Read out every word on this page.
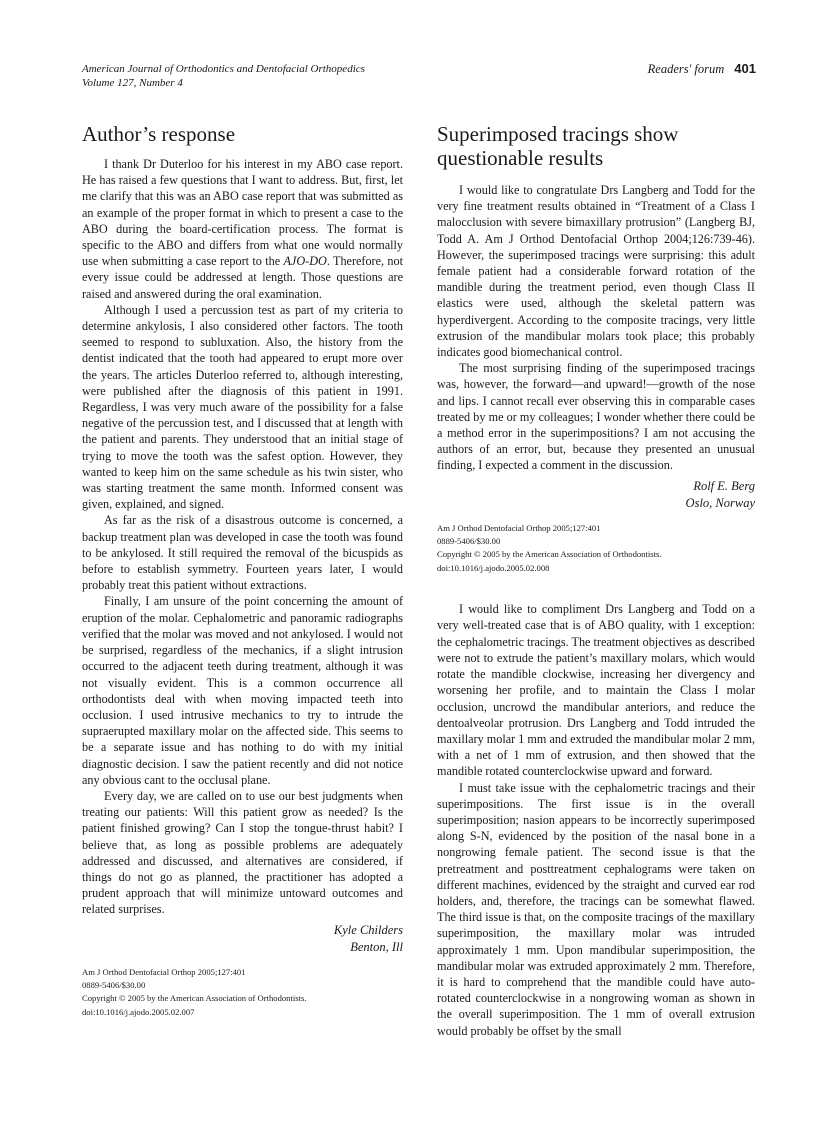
American Journal of Orthodontics and Dentofacial Orthopedics
Volume 127, Number 4
Readers' forum 401
Author’s response

I thank Dr Duterloo for his interest in my ABO case report. He has raised a few questions that I want to address. But, first, let me clarify that this was an ABO case report that was submitted as an example of the proper format in which to present a case to the ABO during the board-certification process. The format is specific to the ABO and differs from what one would normally use when submitting a case report to the AJO-DO. Therefore, not every issue could be addressed at length. Those questions are raised and answered during the oral examination.

Although I used a percussion test as part of my criteria to determine ankylosis, I also considered other factors. The tooth seemed to respond to subluxation. Also, the history from the dentist indicated that the tooth had appeared to erupt more over the years. The articles Duterloo referred to, although interesting, were published after the diagnosis of this patient in 1991. Regardless, I was very much aware of the possibility for a false negative of the percussion test, and I discussed that at length with the patient and parents. They understood that an initial stage of trying to move the tooth was the safest option. However, they wanted to keep him on the same schedule as his twin sister, who was starting treatment the same month. Informed consent was given, explained, and signed.

As far as the risk of a disastrous outcome is concerned, a backup treatment plan was developed in case the tooth was found to be ankylosed. It still required the removal of the bicuspids as before to establish symmetry. Fourteen years later, I would probably treat this patient without extractions.

Finally, I am unsure of the point concerning the amount of eruption of the molar. Cephalometric and panoramic radiographs verified that the molar was moved and not ankylosed. I would not be surprised, regardless of the mechanics, if a slight intrusion occurred to the adjacent teeth during treatment, although it was not visually evident. This is a common occurrence all orthodontists deal with when moving impacted teeth into occlusion. I used intrusive mechanics to try to intrude the supraerupted maxillary molar on the affected side. This seems to be a separate issue and has nothing to do with my initial diagnostic decision. I saw the patient recently and did not notice any obvious cant to the occlusal plane.

Every day, we are called on to use our best judgments when treating our patients: Will this patient grow as needed? Is the patient finished growing? Can I stop the tongue-thrust habit? I believe that, as long as possible problems are adequately addressed and discussed, and alternatives are considered, if things do not go as planned, the practitioner has adopted a prudent approach that will minimize untoward outcomes and related surprises.

Kyle Childers
Benton, Ill
Am J Orthod Dentofacial Orthop 2005;127:401
0889-5406/$30.00
Copyright © 2005 by the American Association of Orthodontists.
doi:10.1016/j.ajodo.2005.02.007
Superimposed tracings show questionable results

I would like to congratulate Drs Langberg and Todd for the very fine treatment results obtained in “Treatment of a Class I malocclusion with severe bimaxillary protrusion” (Langberg BJ, Todd A. Am J Orthod Dentofacial Orthop 2004;126:739-46). However, the superimposed tracings were surprising: this adult female patient had a considerable forward rotation of the mandible during the treatment period, even though Class II elastics were used, although the skeletal pattern was hyperdivergent. According to the composite tracings, very little extrusion of the mandibular molars took place; this probably indicates good biomechanical control.

The most surprising finding of the superimposed tracings was, however, the forward—and upward!—growth of the nose and lips. I cannot recall ever observing this in comparable cases treated by me or my colleagues; I wonder whether there could be a method error in the superimpositions? I am not accusing the authors of an error, but, because they presented an unusual finding, I expected a comment in the discussion.

Rolf E. Berg
Oslo, Norway
Am J Orthod Dentofacial Orthop 2005;127:401
0889-5406/$30.00
Copyright © 2005 by the American Association of Orthodontists.
doi:10.1016/j.ajodo.2005.02.008

I would like to compliment Drs Langberg and Todd on a very well-treated case that is of ABO quality, with 1 exception: the cephalometric tracings. The treatment objectives as described were not to extrude the patient’s maxillary molars, which would rotate the mandible clockwise, increasing her divergency and worsening her profile, and to maintain the Class I molar occlusion, uncrowd the mandibular anteriors, and reduce the dentoalveolar protrusion. Drs Langberg and Todd intruded the maxillary molar 1 mm and extruded the mandibular molar 2 mm, with a net of 1 mm of extrusion, and then showed that the mandible rotated counterclockwise upward and forward.

I must take issue with the cephalometric tracings and their superimpositions. The first issue is in the overall superimposition; nasion appears to be incorrectly superimposed along S-N, evidenced by the position of the nasal bone in a nongrowing female patient. The second issue is that the pretreatment and posttreatment cephalograms were taken on different machines, evidenced by the straight and curved ear rod holders, and, therefore, the tracings can be somewhat flawed. The third issue is that, on the composite tracings of the maxillary superimposition, the maxillary molar was intruded approximately 1 mm. Upon mandibular superimposition, the mandibular molar was extruded approximately 2 mm. Therefore, it is hard to comprehend that the mandible could have auto-rotated counterclockwise in a nongrowing woman as shown in the overall superimposition. The 1 mm of overall extrusion would probably be offset by the small
